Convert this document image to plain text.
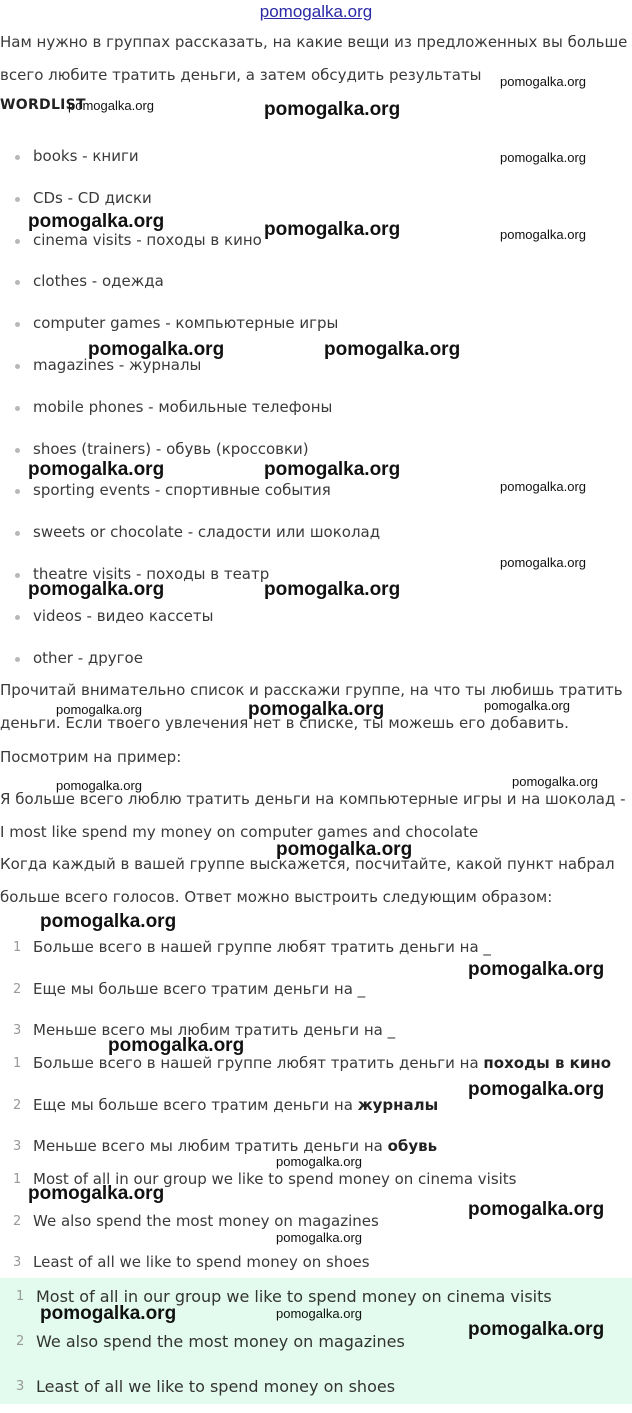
pomogalka.org

Нам нужно в группах рассказать, на какие вещи из предложенных вы больше всего любите тратить деньги, а затем обсудить результаты

WORDLIST
books - книги
CDs - CD диски
cinema visits - походы в кино
clothes - одежда
computer games - компьютерные игры
magazines - журналы
mobile phones - мобильные телефоны
shoes (trainers) - обувь (кроссовки)
sporting events - спортивные события
sweets or chocolate - сладости или шоколад
theatre visits - походы в театр
videos - видео кассеты
other - другое

Прочитай внимательно список и расскажи группе, на что ты любишь тратить деньги. Если твоего увлечения нет в списке, ты можешь его добавить.

Посмотрим на пример:

Я больше всего люблю тратить деньги на компьютерные игры и на шоколад - I most like spend my money on computer games and chocolate

Когда каждый в вашей группе выскажется, посчитайте, какой пункт набрал больше всего голосов. Ответ можно выстроить следующим образом:

1 Больше всего в нашей группе любят тратить деньги на _
2 Еще мы больше всего тратим деньги на _
3 Меньше всего мы любим тратить деньги на _
1 Больше всего в нашей группе любят тратить деньги на походы в кино
2 Еще мы больше всего тратим деньги на журналы
3 Меньше всего мы любим тратить деньги на обувь
1 Most of all in our group we like to spend money on cinema visits
2 We also spend the most money on magazines
3 Least of all we like to spend money on shoes
1 Most of all in our group we like to spend money on cinema visits
2 We also spend the most money on magazines
3 Least of all we like to spend money on shoes
pomogalka.org
pomogalka.org	pomogalka.org
pomogalka.org
pomogalka.org	pomogalka.org	pomogalka.org
pomogalka.org	pomogalka.org
pomogalka.org	pomogalka.org
pomogalka.org
pomogalka.org
pomogalka.org	pomogalka.org
pomogalka.org	pomogalka.org	pomogalka.org
pomogalka.org	pomogalka.org
pomogalka.org
pomogalka.org
pomogalka.org
pomogalka.org
pomogalka.org
pomogalka.org
pomogalka.org
pomogalka.org
pomogalka.org
pomogalka.org	pomogalka.org
pomogalka.org
